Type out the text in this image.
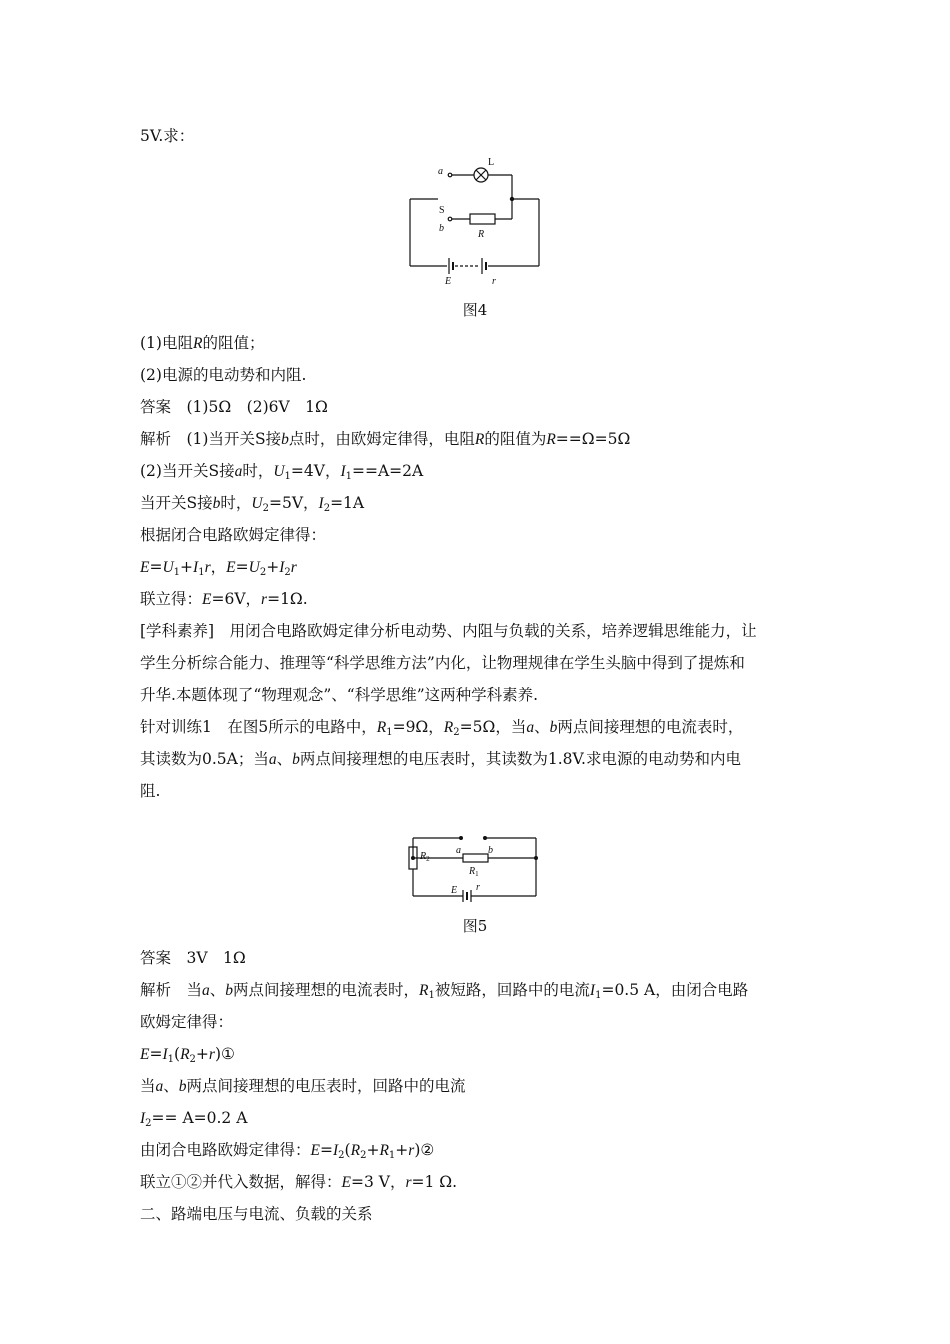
5V.求：
a
L
S
b
R
E	r
图4
(1)电阻R的阻值；
(2)电源的电动势和内阻.
答案　(1)5Ω　(2)6V　1Ω
解析　(1)当开关S接b点时，由欧姆定律得，电阻R的阻值为R==Ω=5Ω
(2)当开关S接a时，$U_1=4V$，$I_1==A=2A$
当开关S接b时，$U_2=5V$，$I_2=1A$
根据闭合电路欧姆定律得：
$E=U_1+I_1r$，$E=U_2+I_2r$
联立得：E=6V，r=1Ω.
[学科素养]　用闭合电路欧姆定律分析电动势、内阻与负载的关系，培养逻辑思维能力，让
学生分析综合能力、推理等“科学思维方法”内化，让物理规律在学生头脑中得到了提炼和
升华.本题体现了“物理观念”、“科学思维”这两种学科素养.
针对训练1　在图5所示的电路中，$R_1=9\Omega$，$R_2=5\Omega$，当a、b两点间接理想的电流表时，
其读数为0.5A；当a、b两点间接理想的电压表时，其读数为1.8V.求电源的电动势和内电
阻.
a	b
$R_1$
$R_2$
E r
图5
答案　3V　1Ω
解析　当a、b两点间接理想的电流表时，$R_1$被短路，回路中的电流$I_1=0.5$ A，由闭合电路
欧姆定律得：
$E=I_1(R_2+r)①$
当a、b两点间接理想的电压表时，回路中的电流
$I_2== A=0.2$ A
由闭合电路欧姆定律得：$E=I_2(R_2+R_1+r)②$
联立①②并代入数据，解得：E=3 V，r=1 Ω.
二、路端电压与电流、负载的关系
